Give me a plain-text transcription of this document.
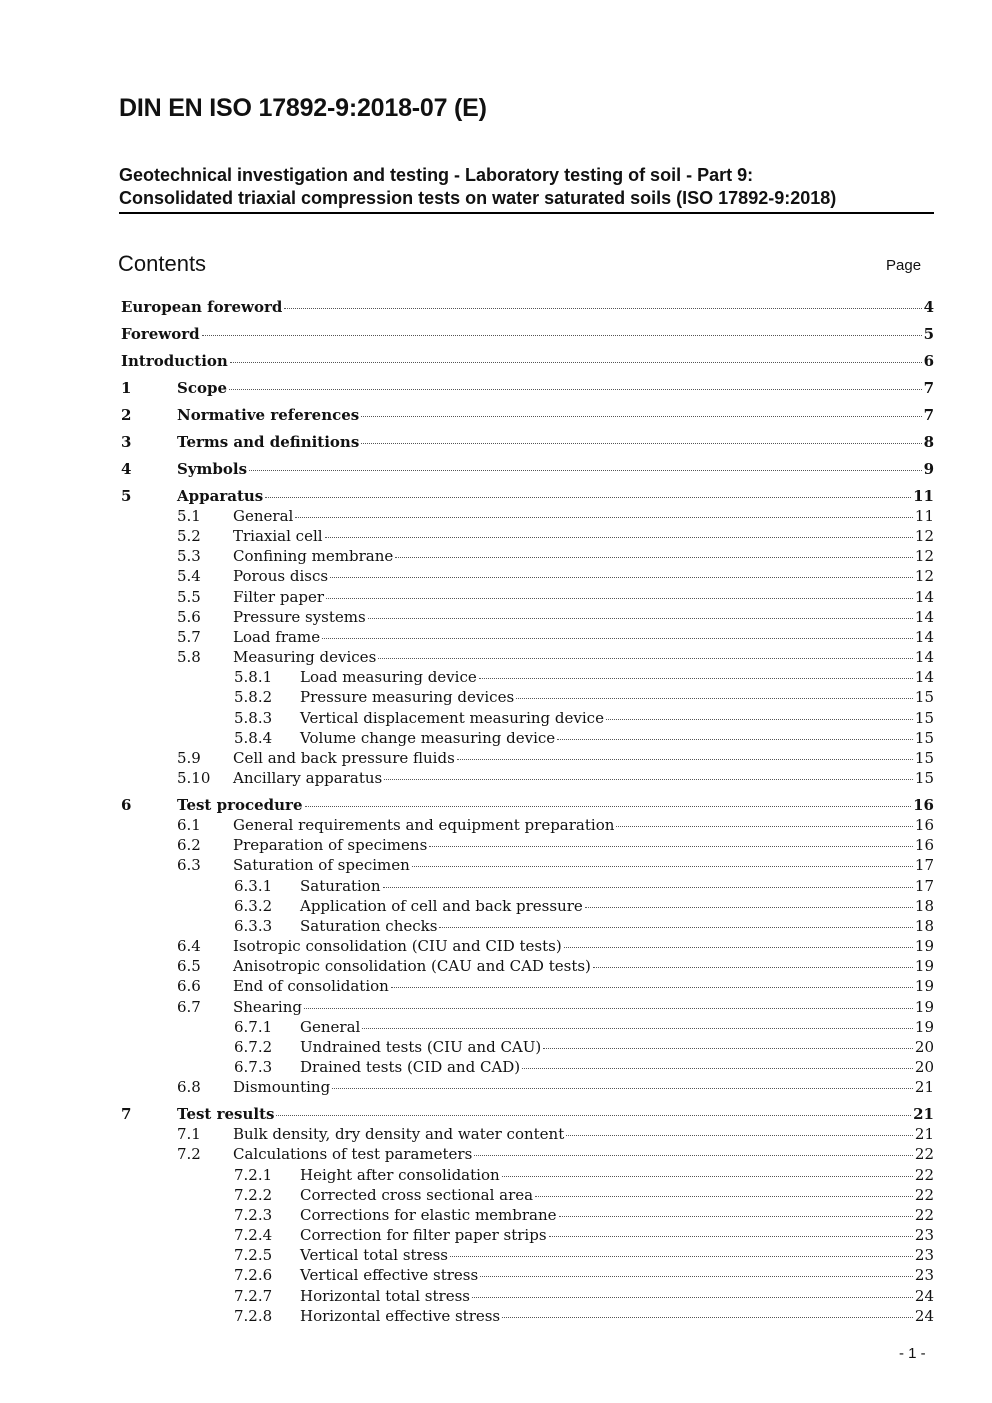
DIN EN ISO 17892-9:2018-07 (E)
Geotechnical investigation and testing - Laboratory testing of soil - Part 9:
Consolidated triaxial compression tests on water saturated soils (ISO 17892-9:2018)
Contents	Page
European foreword	4
Foreword	5
Introduction	6
1	Scope	7
2	Normative references	7
3	Terms and definitions	8
4	Symbols	9
5	Apparatus	11
5.1	General	11
5.2	Triaxial cell	12
5.3	Confining membrane	12
5.4	Porous discs	12
5.5	Filter paper	14
5.6	Pressure systems	14
5.7	Load frame	14
5.8	Measuring devices	14
5.8.1	Load measuring device	14
5.8.2	Pressure measuring devices	15
5.8.3	Vertical displacement measuring device	15
5.8.4	Volume change measuring device	15
5.9	Cell and back pressure fluids	15
5.10	Ancillary apparatus	15
6	Test procedure	16
6.1	General requirements and equipment preparation	16
6.2	Preparation of specimens	16
6.3	Saturation of specimen	17
6.3.1	Saturation	17
6.3.2	Application of cell and back pressure	18
6.3.3	Saturation checks	18
6.4	Isotropic consolidation (CIU and CID tests)	19
6.5	Anisotropic consolidation (CAU and CAD tests)	19
6.6	End of consolidation	19
6.7	Shearing	19
6.7.1	General	19
6.7.2	Undrained tests (CIU and CAU)	20
6.7.3	Drained tests (CID and CAD)	20
6.8	Dismounting	21
7	Test results	21
7.1	Bulk density, dry density and water content	21
7.2	Calculations of test parameters	22
7.2.1	Height after consolidation	22
7.2.2	Corrected cross sectional area	22
7.2.3	Corrections for elastic membrane	22
7.2.4	Correction for filter paper strips	23
7.2.5	Vertical total stress	23
7.2.6	Vertical effective stress	23
7.2.7	Horizontal total stress	24
7.2.8	Horizontal effective stress	24
- 1 -
